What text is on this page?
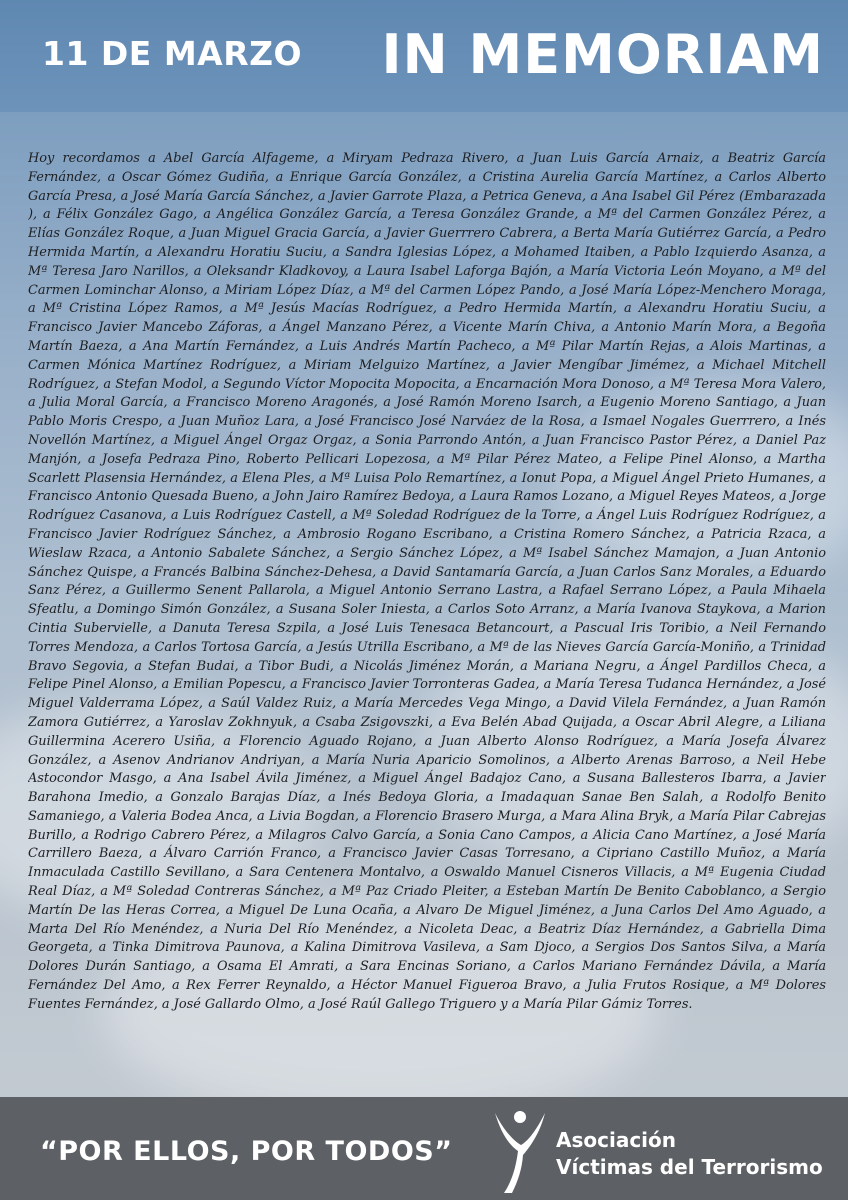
11 DE MARZO IN MEMORIAM
Hoy recordamos a Abel García Alfageme, a Miryam Pedraza Rivero, a Juan Luis García Arnaiz, a Beatriz García Fernández, a Oscar Gómez Gudiña, a Enrique García González, a Cristina Aurelia García Martínez, a Carlos Alberto García Presa, a José María García Sánchez, a Javier Garrote Plaza, a Petrica Geneva, a Ana Isabel Gil Pérez (Embarazada ), a Félix González Gago, a Angélica González García, a Teresa González Grande, a Mª del Carmen González Pérez, a Elías González Roque, a Juan Miguel Gracia García, a Javier Guerrrero Cabrera, a Berta María Gutiérrez García, a Pedro Hermida Martín, a Alexandru Horatiu Suciu, a Sandra Iglesias López, a Mohamed Itaiben, a Pablo Izquierdo Asanza, a Mª Teresa Jaro Narillos, a Oleksandr Kladkovoy, a Laura Isabel Laforga Bajón, a María Victoria León Moyano, a Mª del Carmen Lominchar Alonso, a Miriam López Díaz, a Mª del Carmen López Pando, a José María López-Menchero Moraga, a Mª Cristina López Ramos, a Mª Jesús Macías Rodríguez, a Pedro Hermida Martín, a Alexandru Horatiu Suciu, a Francisco Javier Mancebo Záforas, a Ángel Manzano Pérez, a Vicente Marín Chiva, a Antonio Marín Mora, a Begoña Martín Baeza, a Ana Martín Fernández, a Luis Andrés Martín Pacheco, a Mª Pilar Martín Rejas, a Alois Martinas, a Carmen Mónica Martínez Rodríguez, a Miriam Melguizo Martínez, a Javier Mengíbar Jimémez, a Michael Mitchell Rodríguez, a Stefan Modol, a Segundo Víctor Mopocita Mopocita, a Encarnación Mora Donoso, a Mª Teresa Mora Valero, a Julia Moral García, a Francisco Moreno Aragonés, a José Ramón Moreno Isarch, a Eugenio Moreno Santiago, a Juan Pablo Moris Crespo, a Juan Muñoz Lara, a José Francisco José Narváez de la Rosa, a Ismael Nogales Guerrrero, a Inés Novellón Martínez, a Miguel Ángel Orgaz Orgaz, a Sonia Parrondo Antón, a Juan Francisco Pastor Pérez, a Daniel Paz Manjón, a Josefa Pedraza Pino, Roberto Pellicari Lopezosa, a Mª Pilar Pérez Mateo, a Felipe Pinel Alonso, a Martha Scarlett Plasensia Hernández, a Elena Ples, a Mª Luisa Polo Remartínez, a Ionut Popa, a Miguel Ángel Prieto Humanes, a Francisco Antonio Quesada Bueno, a John Jairo Ramírez Bedoya, a Laura Ramos Lozano, a Miguel Reyes Mateos, a Jorge Rodríguez Casanova, a Luis Rodríguez Castell, a Mª Soledad Rodríguez de la Torre, a Ángel Luis Rodríguez Rodríguez, a Francisco Javier Rodríguez Sánchez, a Ambrosio Rogano Escribano, a Cristina Romero Sánchez, a Patricia Rzaca, a Wieslaw Rzaca, a Antonio Sabalete Sánchez, a Sergio Sánchez López, a Mª Isabel Sánchez Mamajon, a Juan Antonio Sánchez Quispe, a Francés Balbina Sánchez-Dehesa, a David Santamaría García, a Juan Carlos Sanz Morales, a Eduardo Sanz Pérez, a Guillermo Senent Pallarola, a Miguel Antonio Serrano Lastra, a Rafael Serrano López, a Paula Mihaela Sfeatlu, a Domingo Simón González, a Susana Soler Iniesta, a Carlos Soto Arranz, a María Ivanova Staykova, a Marion Cintia Subervielle, a Danuta Teresa Szpila, a José Luis Tenesaca Betancourt, a Pascual Iris Toribio, a Neil Fernando Torres Mendoza, a Carlos Tortosa García, a Jesús Utrilla Escribano, a Mª de las Nieves García García-Moniño, a Trinidad Bravo Segovia, a Stefan Budai, a Tibor Budi, a Nicolás Jiménez Morán, a Mariana Negru, a Ángel Pardillos Checa, a Felipe Pinel Alonso, a Emilian Popescu, a Francisco Javier Torronteras Gadea, a María Teresa Tudanca Hernández, a José Miguel Valderrama López, a Saúl Valdez Ruiz, a María Mercedes Vega Mingo, a David Vilela Fernández, a Juan Ramón Zamora Gutiérrez, a Yaroslav Zokhnyuk, a Csaba Zsigovszki, a Eva Belén Abad Quijada, a Oscar Abril Alegre, a Liliana Guillermina Acerero Usiña, a Florencio Aguado Rojano, a Juan Alberto Alonso Rodríguez, a María Josefa Álvarez González, a Asenov Andrianov Andriyan, a María Nuria Aparicio Somolinos, a Alberto Arenas Barroso, a Neil Hebe Astocondor Masgo, a Ana Isabel Ávila Jiménez, a Miguel Ángel Badajoz Cano, a Susana Ballesteros Ibarra, a Javier Barahona Imedio, a Gonzalo Barajas Díaz, a Inés Bedoya Gloria, a Imadaquan Sanae Ben Salah, a Rodolfo Benito Samaniego, a Valeria Bodea Anca, a Livia Bogdan, a Florencio Brasero Murga, a Mara Alina Bryk, a María Pilar Cabrejas Burillo, a Rodrigo Cabrero Pérez, a Milagros Calvo García, a Sonia Cano Campos, a Alicia Cano Martínez, a José María Carrillero Baeza, a Álvaro Carrión Franco, a Francisco Javier Casas Torresano, a Cipriano Castillo Muñoz, a María Inmaculada Castillo Sevillano, a Sara Centenera Montalvo, a Oswaldo Manuel Cisneros Villacis, a Mª Eugenia Ciudad Real Díaz, a Mª Soledad Contreras Sánchez, a Mª Paz Criado Pleiter, a Esteban Martín De Benito Caboblanco, a Sergio Martín De las Heras Correa, a Miguel De Luna Ocaña, a Alvaro De Miguel Jiménez, a Juna Carlos Del Amo Aguado, a Marta Del Río Menéndez, a Nuria Del Río Menéndez, a Nicoleta Deac, a Beatriz Díaz Hernández, a Gabriella Dima Georgeta, a Tinka Dimitrova Paunova, a Kalina Dimitrova Vasileva, a Sam Djoco, a Sergios Dos Santos Silva, a María Dolores Durán Santiago, a Osama El Amrati, a Sara Encinas Soriano, a Carlos Mariano Fernández Dávila, a María Fernández Del Amo, a Rex Ferrer Reynaldo, a Héctor Manuel Figueroa Bravo, a Julia Frutos Rosique, a Mª Dolores Fuentes Fernández, a José Gallardo Olmo, a José Raúl Gallego Triguero y a María Pilar Gámiz Torres.
“POR ELLOS, POR TODOS”	Asociación
Víctimas del Terrorismo
